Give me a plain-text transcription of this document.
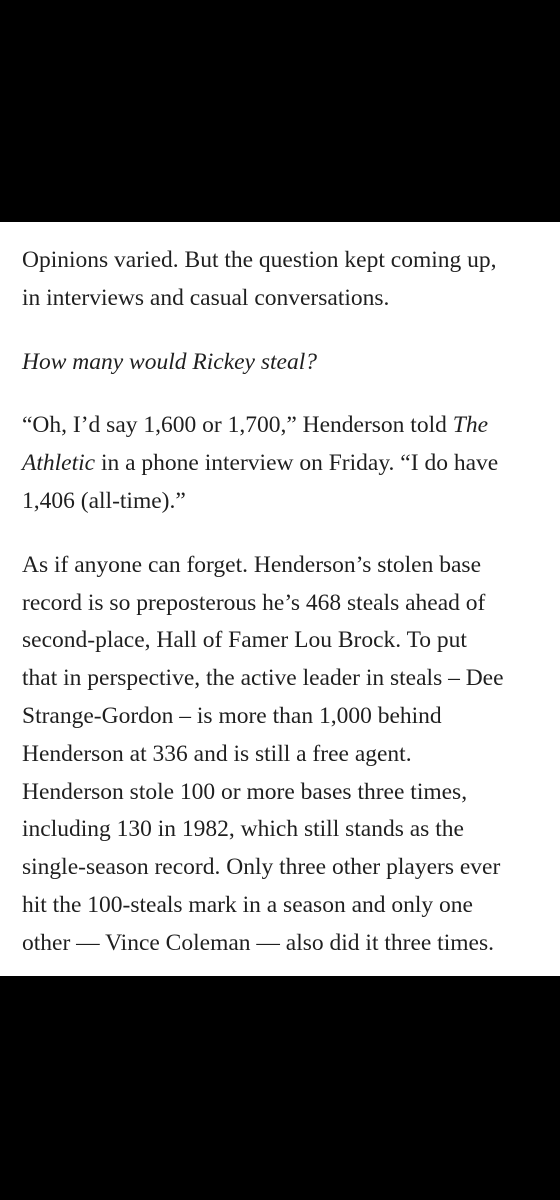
Opinions varied. But the question kept coming up,
in interviews and casual conversations.

How many would Rickey steal?

“Oh, I’d say 1,600 or 1,700,” Henderson told The
Athletic in a phone interview on Friday. “I do have
1,406 (all-time).”

As if anyone can forget. Henderson’s stolen base
record is so preposterous he’s 468 steals ahead of
second-place, Hall of Famer Lou Brock. To put
that in perspective, the active leader in steals – Dee
Strange-Gordon – is more than 1,000 behind
Henderson at 336 and is still a free agent.
Henderson stole 100 or more bases three times,
including 130 in 1982, which still stands as the
single-season record. Only three other players ever
hit the 100-steals mark in a season and only one
other — Vince Coleman — also did it three times.
